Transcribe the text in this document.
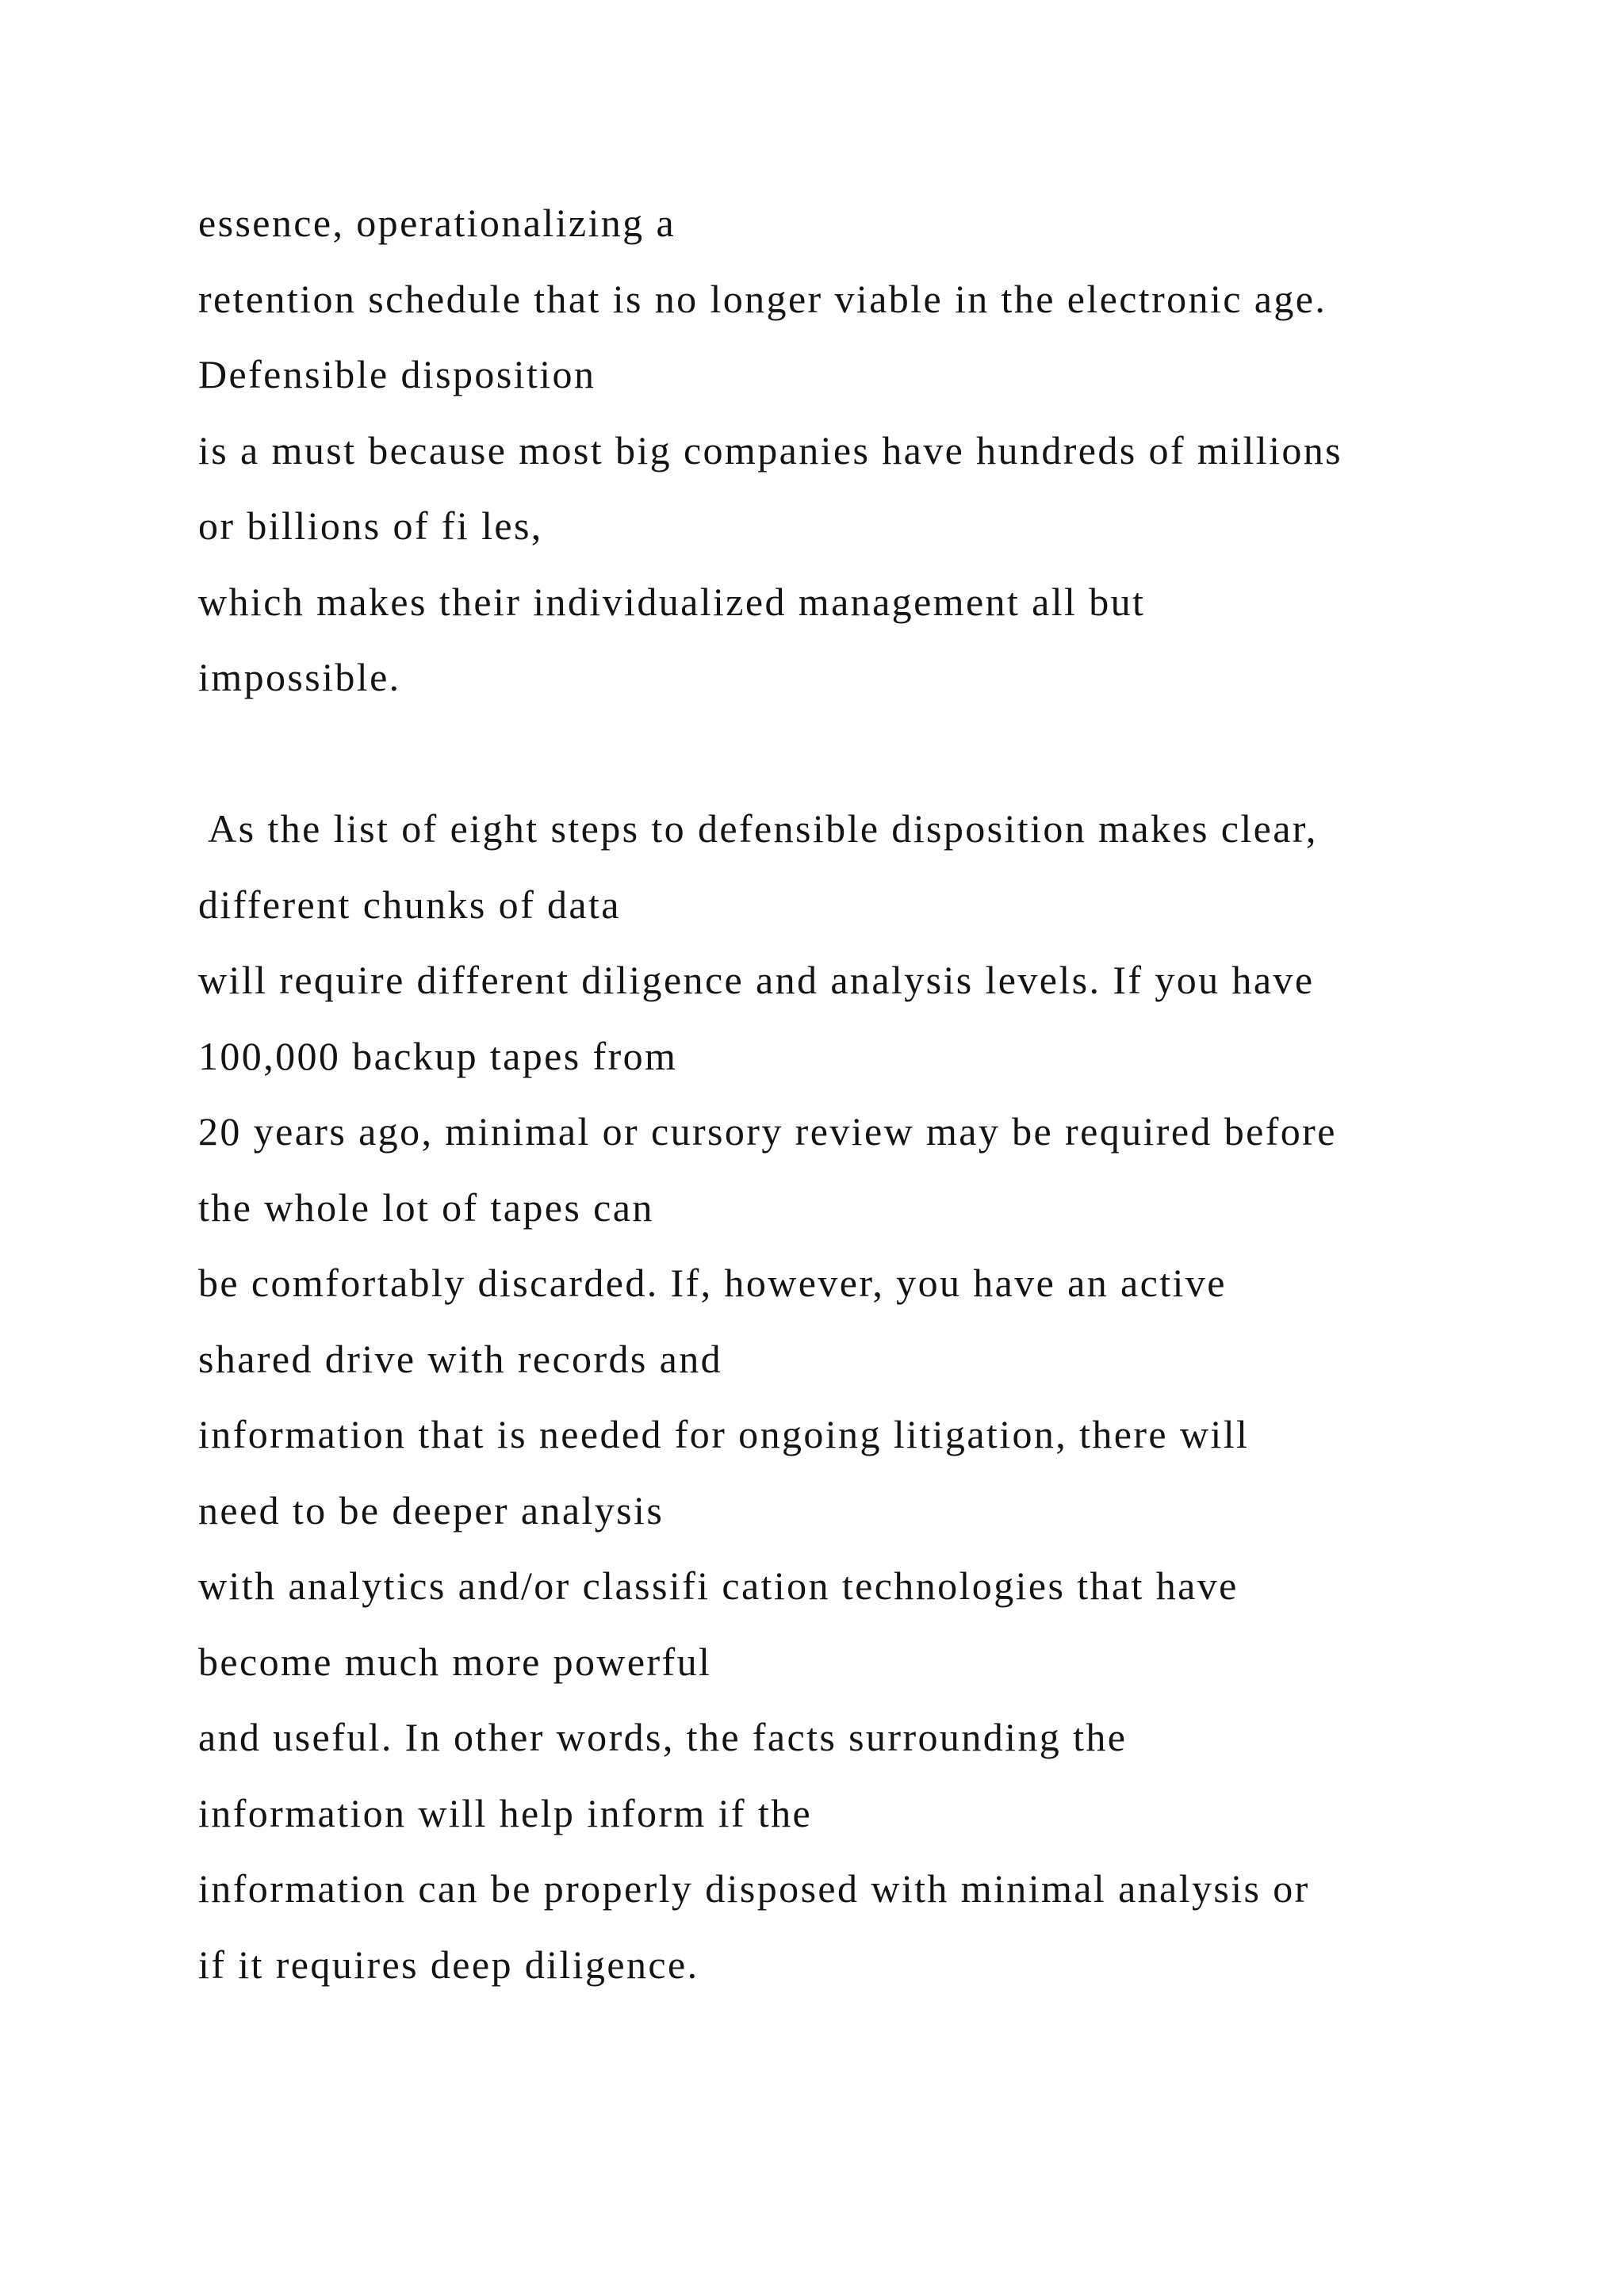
essence, operationalizing a
retention schedule that is no longer viable in the electronic age.
Defensible disposition
is a must because most big companies have hundreds of millions
or billions of fi les,
which makes their individualized management all but
impossible.
As the list of eight steps to defensible disposition makes clear,
different chunks of data
will require different diligence and analysis levels. If you have
100,000 backup tapes from
20 years ago, minimal or cursory review may be required before
the whole lot of tapes can
be comfortably discarded. If, however, you have an active
shared drive with records and
information that is needed for ongoing litigation, there will
need to be deeper analysis
with analytics and/or classifi cation technologies that have
become much more powerful
and useful. In other words, the facts surrounding the
information will help inform if the
information can be properly disposed with minimal analysis or
if it requires deep diligence.
